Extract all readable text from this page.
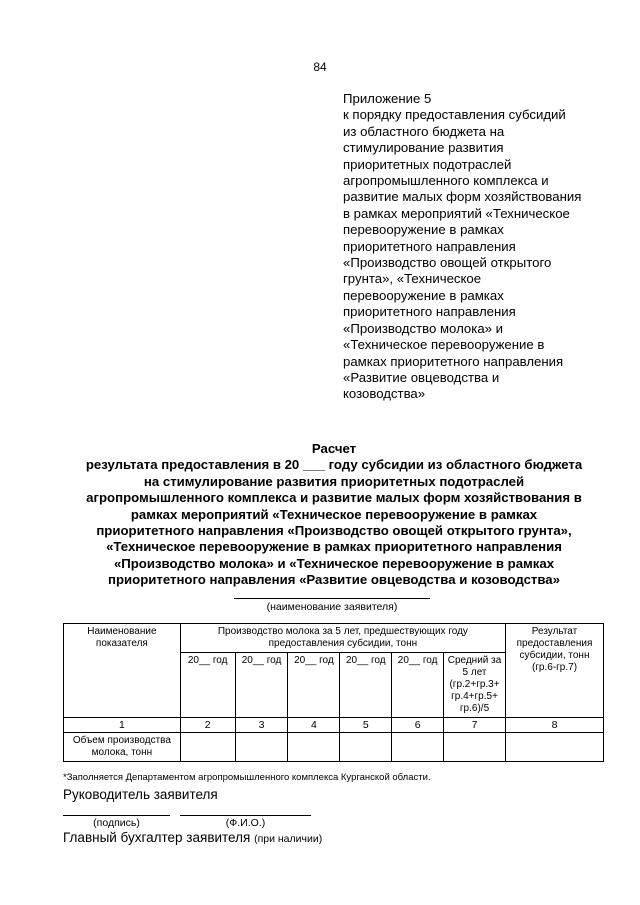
84
Приложение 5
к порядку предоставления субсидий
из областного бюджета на
стимулирование развития
приоритетных подотраслей
агропромышленного комплекса и
развитие малых форм хозяйствования
в рамках мероприятий «Техническое
перевооружение в рамках
приоритетного направления
«Производство овощей открытого
грунта», «Техническое
перевооружение в рамках
приоритетного направления
«Производство молока» и
«Техническое перевооружение в
рамках приоритетного направления
«Развитие овцеводства и
козоводства»
Расчет
результата предоставления в 20 ___ году субсидии из областного бюджета
на стимулирование развития приоритетных подотраслей
агропромышленного комплекса и развитие малых форм хозяйствования в
рамках мероприятий «Техническое перевооружение в рамках
приоритетного направления «Производство овощей открытого грунта»,
«Техническое перевооружение в рамках приоритетного направления
«Производство молока» и «Техническое перевооружение в рамках
приоритетного направления «Развитие овцеводства и козоводства»
(наименование заявителя)
Наименование показателя	Производство молока за 5 лет, предшествующих году предоставления субсидии, тонн						Результат предоставления субсидии, тонн (гр.6-гр.7)
	20__ год	20__ год	20__ год	20__ год	20__ год	Средний за 5 лет (гр.2+гр.3+ гр.4+гр.5+ гр.6)/5	
1	2	3	4	5	6	7	8
Объем производства молока, тонн							
*Заполняется Департаментом агропромышленного комплекса Курганской области.
Руководитель заявителя
(подпись)	(Ф.И.О.)
Главный бухгалтер заявителя (при наличии)
